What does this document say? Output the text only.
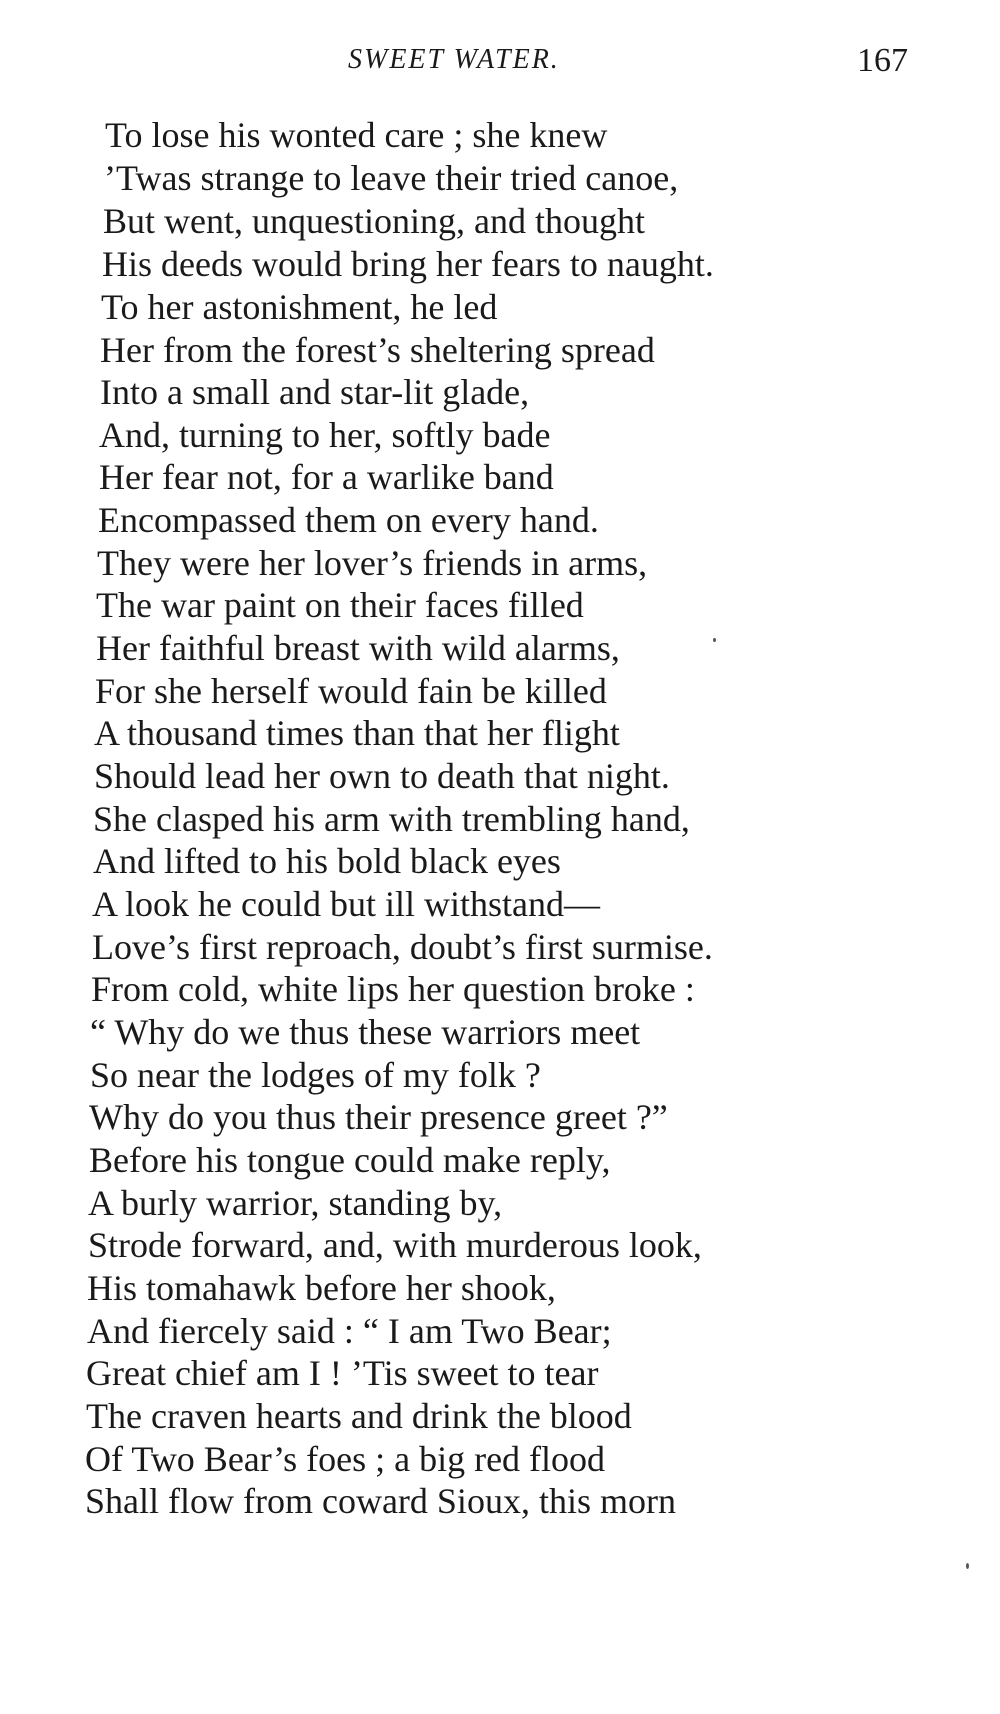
SWEET WATER.	167
To lose his wonted care ; she knew
’Twas strange to leave their tried canoe,
But went, unquestioning, and thought
His deeds would bring her fears to naught.
To her astonishment, he led
Her from the forest’s sheltering spread
Into a small and star-lit glade,
And, turning to her, softly bade
Her fear not, for a warlike band
Encompassed them on every hand.
They were her lover’s friends in arms,
The war paint on their faces filled
Her faithful breast with wild alarms,
For she herself would fain be killed
A thousand times than that her flight
Should lead her own to death that night.
She clasped his arm with trembling hand,
And lifted to his bold black eyes
A look he could but ill withstand—
Love’s first reproach, doubt’s first surmise.
From cold, white lips her question broke :
“ Why do we thus these warriors meet
So near the lodges of my folk ?
Why do you thus their presence greet ?”
Before his tongue could make reply,
A burly warrior, standing by,
Strode forward, and, with murderous look,
His tomahawk before her shook,
And fiercely said : “ I am Two Bear;
Great chief am I ! ’Tis sweet to tear
The craven hearts and drink the blood
Of Two Bear’s foes ; a big red flood
Shall flow from coward Sioux, this morn
